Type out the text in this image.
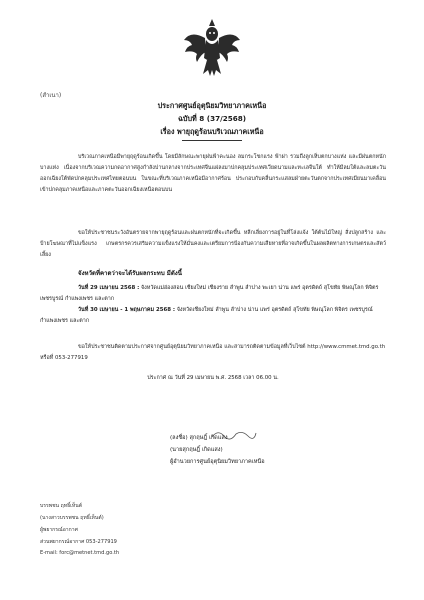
(สำเนา)
ประกาศศูนย์อุตุนิยมวิทยาภาคเหนือ
ฉบับที่ 8 (37/2568)
เรื่อง พายุฤดูร้อนบริเวณภาคเหนือ
บริเวณภาคเหนือมีพายุฤดูร้อนเกิดขึ้น โดยมีลักษณะพายุฝนฟ้าคะนอง ลมกระโชกแรง ฟ้าผ่า รวมถึงลูกเห็บตกบางแห่ง และมีฝนตกหนักบางแห่ง เนื่องจากบริเวณความกดอากาศสูงกำลังปานกลางจากประเทศจีนแผ่ลงมาปกคลุมประเทศเวียดนามและทะเลจีนใต้ ทำให้มีลมใต้และลมตะวันออกเฉียงใต้พัดปกคลุมประเทศไทยตอนบน ในขณะที่บริเวณภาคเหนือมีอากาศร้อน ประกอบกับคลื่นกระแสลมฝ่ายตะวันตกจากประเทศเมียนมาเคลื่อนเข้าปกคลุมภาคเหนือและภาคตะวันออกเฉียงเหนือตอนบน
ขอให้ประชาชนระวังอันตรายจากพายุฤดูร้อนและฝนตกหนักที่จะเกิดขึ้น หลีกเลี่ยงการอยู่ในที่โล่งแจ้ง ใต้ต้นไม้ใหญ่ สิ่งปลูกสร้าง และป้ายโฆษณาที่ไม่แข็งแรง เกษตรกรควรเสริมความแข็งแรงให้มั่นคงและเตรียมการป้องกันความเสียหายที่อาจเกิดขึ้นในผลผลิตทางการเกษตรและสัตว์เลี้ยง
จังหวัดที่คาดว่าจะได้รับผลกระทบ มีดังนี้
วันที่ 29 เมษายน 2568 : จังหวัดแม่ฮ่องสอน เชียงใหม่ เชียงราย ลำพูน ลำปาง พะเยา น่าน แพร่ อุตรดิตถ์ สุโขทัย พิษณุโลก พิจิตร เพชรบูรณ์ กำแพงเพชร และตาก
วันที่ 30 เมษายน - 1 พฤษภาคม 2568 : จังหวัดเชียงใหม่ ลำพูน ลำปาง น่าน แพร่ อุตรดิตถ์ สุโขทัย พิษณุโลก พิจิตร เพชรบูรณ์ กำแพงเพชร และตาก
ขอให้ประชาชนติดตามประกาศจากศูนย์อุตุนิยมวิทยาภาคเหนือ และสามารถติดตามข้อมูลที่เว็บไซต์ http://www.cmmet.tmd.go.th หรือที่ 053-277919
ประกาศ ณ วันที่ 29 เมษายน พ.ศ. 2568 เวลา 06.00 น.
(ลงชื่อ) สุกฤษฎิ์ เกิดแสง
(นายสุกฤษฎิ์ เกิดแสง)
ผู้อำนวยการศูนย์อุตุนิยมวิทยาภาคเหนือ
บรรพชน ฤทธิ์เห็นต์
(นางสาวบรรพชน ฤทธิ์เห็นต์)
ผู้พยากรณ์อากาศ
ส่วนพยากรณ์อากาศ 053-277919
E-mail: forc@metnet.tmd.go.th
